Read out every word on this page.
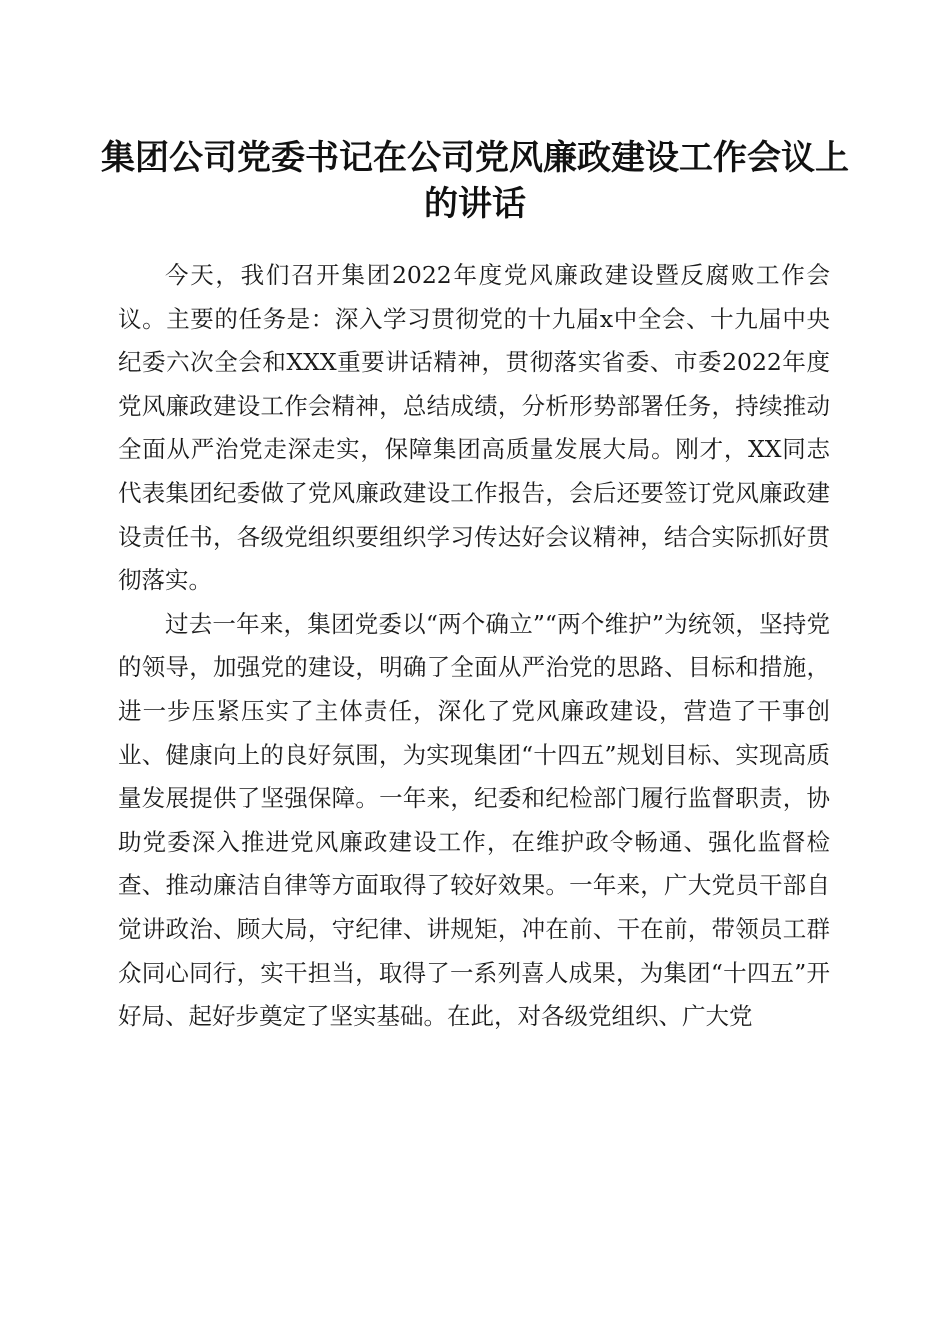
集团公司党委书记在公司党风廉政建设工作会议上的讲话

今天，我们召开集团2022年度党风廉政建设暨反腐败工作会议。主要的任务是：深入学习贯彻党的十九届x中全会、十九届中央纪委六次全会和XXX重要讲话精神，贯彻落实省委、市委2022年度党风廉政建设工作会精神，总结成绩，分析形势部署任务，持续推动全面从严治党走深走实，保障集团高质量发展大局。刚才，XX同志代表集团纪委做了党风廉政建设工作报告，会后还要签订党风廉政建设责任书，各级党组织要组织学习传达好会议精神，结合实际抓好贯彻落实。

过去一年来，集团党委以“两个确立”“两个维护”为统领，坚持党的领导，加强党的建设，明确了全面从严治党的思路、目标和措施，进一步压紧压实了主体责任，深化了党风廉政建设，营造了干事创业、健康向上的良好氛围，为实现集团“十四五”规划目标、实现高质量发展提供了坚强保障。一年来，纪委和纪检部门履行监督职责，协助党委深入推进党风廉政建设工作，在维护政令畅通、强化监督检查、推动廉洁自律等方面取得了较好效果。一年来，广大党员干部自觉讲政治、顾大局，守纪律、讲规矩，冲在前、干在前，带领员工群众同心同行，实干担当，取得了一系列喜人成果，为集团“十四五”开好局、起好步奠定了坚实基础。在此，对各级党组织、广大党
